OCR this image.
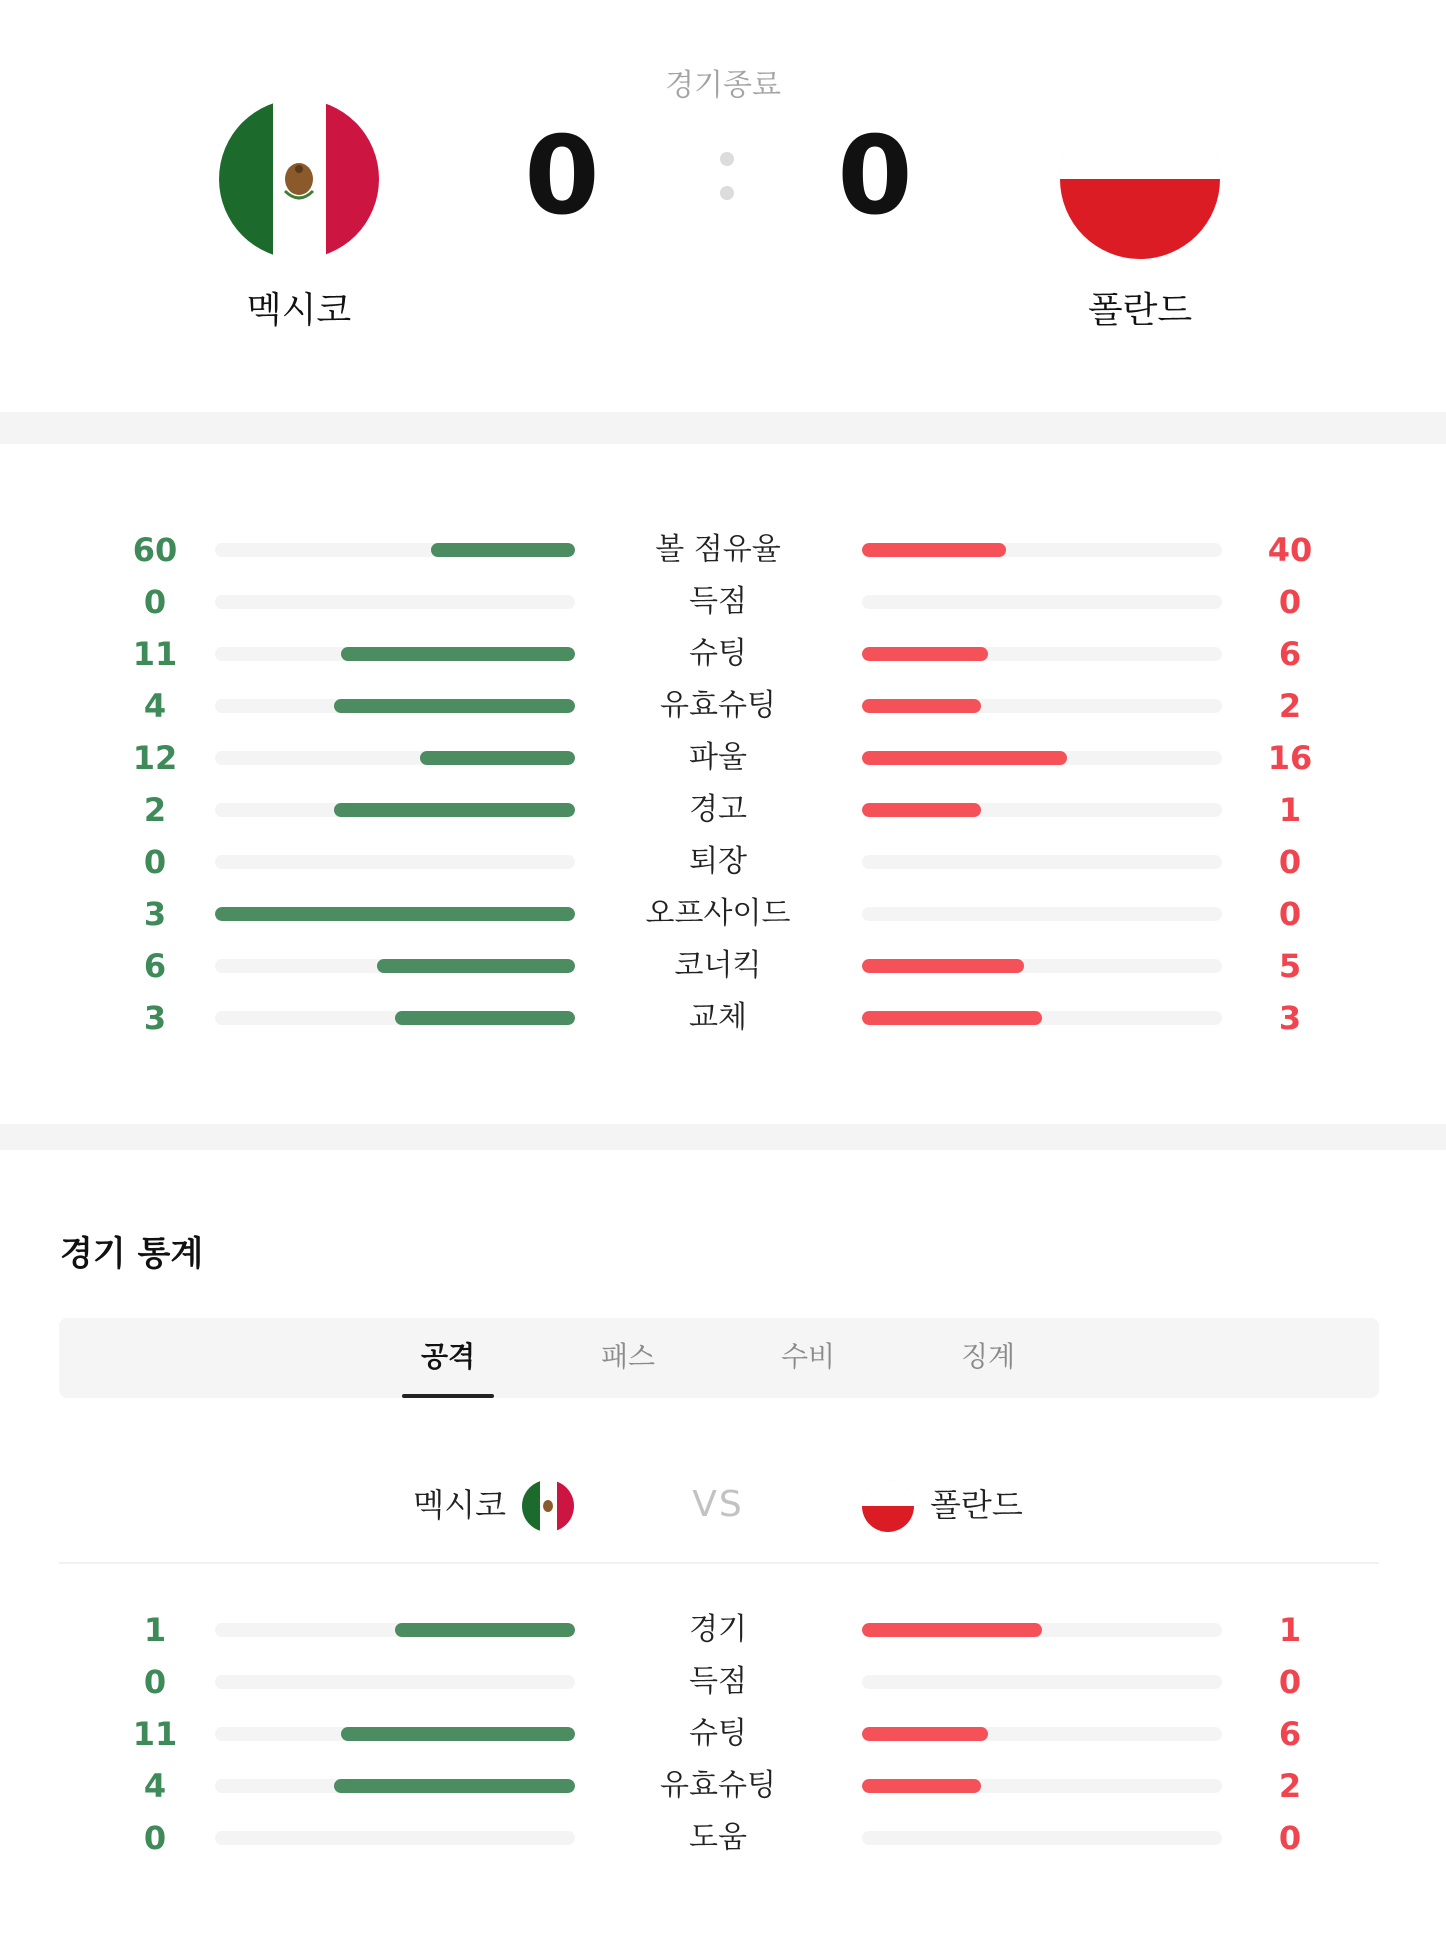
경기종료
멕시코
0	0
폴란드
60	볼 점유율	40
0	득점	0
11	슈팅	6
4	유효슈팅	2
12	파울	16
2	경고	1
0	퇴장	0
3	오프사이드	0
6	코너킥	5
3	교체	3
경기 통계
공격	패스	수비	징계
멕시코	VS	폴란드
1	경기	1
0	득점	0
11	슈팅	6
4	유효슈팅	2
0	도움	0
